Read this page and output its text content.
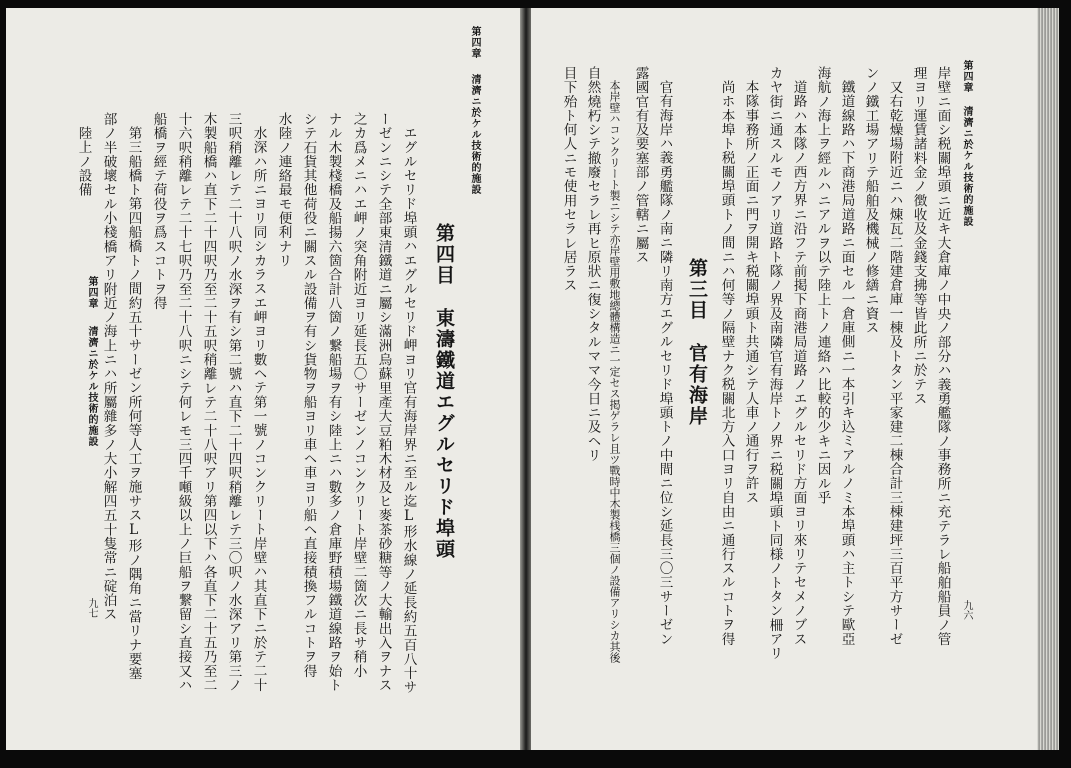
第四章
清濟ニ於ケル技術的施設
第四目東濤鐵道エグルセリド埠頭
エグルセリド埠頭ハエグルセリド岬ヨリ官有海岸界ニ至ル迄L形水線ノ延長約五百八十サ
ーゼンニシテ全部東清鐵道ニ屬シ滿洲烏蘇里產大豆粕木材及ヒ麥茶砂糖等ノ大輸出入ヲナス
之カ爲メニハエ岬ノ突角附近ヨリ延長五〇サーゼンノコンクリート岸壁二箇次ニ長サ稍小
ナル木製棧橋及船揚六箇合計八箇ノ繋船場ヲ有シ陸上ニハ數多ノ倉庫野積場鐵道線路ヲ始ト
シテ石貨其他荷役ニ關スル設備ヲ有シ貨物ヲ船ヨリ車ヘ車ヨリ船ヘ直接積換フルコトヲ得
水陸ノ連絡最モ便利ナリ
水深ハ所ニヨリ同シカラスエ岬ヨリ數ヘテ第一號ノコンクリート岸壁ハ其直下ニ於テ二十
三呎稍離レテ二十八呎ノ水深ヲ有シ第二號ハ直下二十四呎稍離レテ三〇呎ノ水深アリ第三ノ
木製船橋ハ直下二十四呎乃至二十五呎稍離レテ二十八呎アリ第四以下ハ各直下二十五乃至二
十六呎稍離レテ二十七呎乃至二十八呎ニシテ何レモ三四千噸級以上ノ巨船ヲ繋留シ直接又ハ
船橋ヲ經テ荷役ヲ爲スコトヲ得
第三船橋ト第四船橋トノ間約五十サーゼン所何等人工ヲ施サスL形ノ隅角ニ當リナ要塞
部ノ半破壞セル小棧橋アリ附近ノ海上ニハ所屬雜多ノ大小解四五十隻常ニ碇泊ス
陸上ノ設備
第四章
清濟ニ於ケル技術的施設
九七
第四章
清濟ニ於ケル技術的施設
九六
岸壁ニ面シ税關埠頭ニ近キ大倉庫ノ中央ノ部分ハ義勇艦隊ノ事務所ニ充テラレ船舶船員ノ管
理ヨリ運賃諸料金ノ徴收及金錢支拂等皆此所ニ於テス
又右乾燥場附近ニハ煉瓦二階建倉庫一棟及トタン平家建二棟合計三棟建坪三百平方サーゼ
ンノ鐵工場アリテ船舶及機械ノ修繕ニ資ス
鐵道線路ハ下商港局道路ニ面セル一倉庫側ニ一本引キ込ミアルノミ本埠頭ハ主トシテ歐亞
海航ノ海上ヲ經ルハニアルヲ以テ陸上トノ連絡ハ比較的少キニ因ル乎
道路ハ本隊ノ西方界ニ沿フテ前掲下商港局道路ノエグルセリド方面ヨリ來リテセメノブス
カヤ街ニ通スルモノアリ道路ト隊ノ界及南隣官有海岸トノ界ニ税關埠頭ト同様ノトタン柵アリ
本隊事務所ノ正面ニ門ヲ開キ税關埠頭ト共通シテ人車ノ通行ヲ許ス
尚ホ本埠ト税關埠頭トノ間ニハ何等ノ隔壁ナク税關北方入口ヨリ自由ニ通行スルコトヲ得
第三目官有海岸
官有海岸ハ義勇艦隊ノ南ニ隣リ南方エグルセリド埠頭トノ中間ニ位シ延長三〇三サーゼン
露國官有及要塞部ノ管轄ニ屬ス
本岸壁ハコンクリート製ニシテ亦岸壁用敷地總體構造ニ一定セス掲ゲラレ且ツ戰時中木製桟橋三個ノ設備アリシカ其後
自然燒朽シテ撤廢セラレ再ヒ原狀ニ復シタルママ今日ニ及ヘリ
目下殆ト何人ニモ使用セラレ居ラス
